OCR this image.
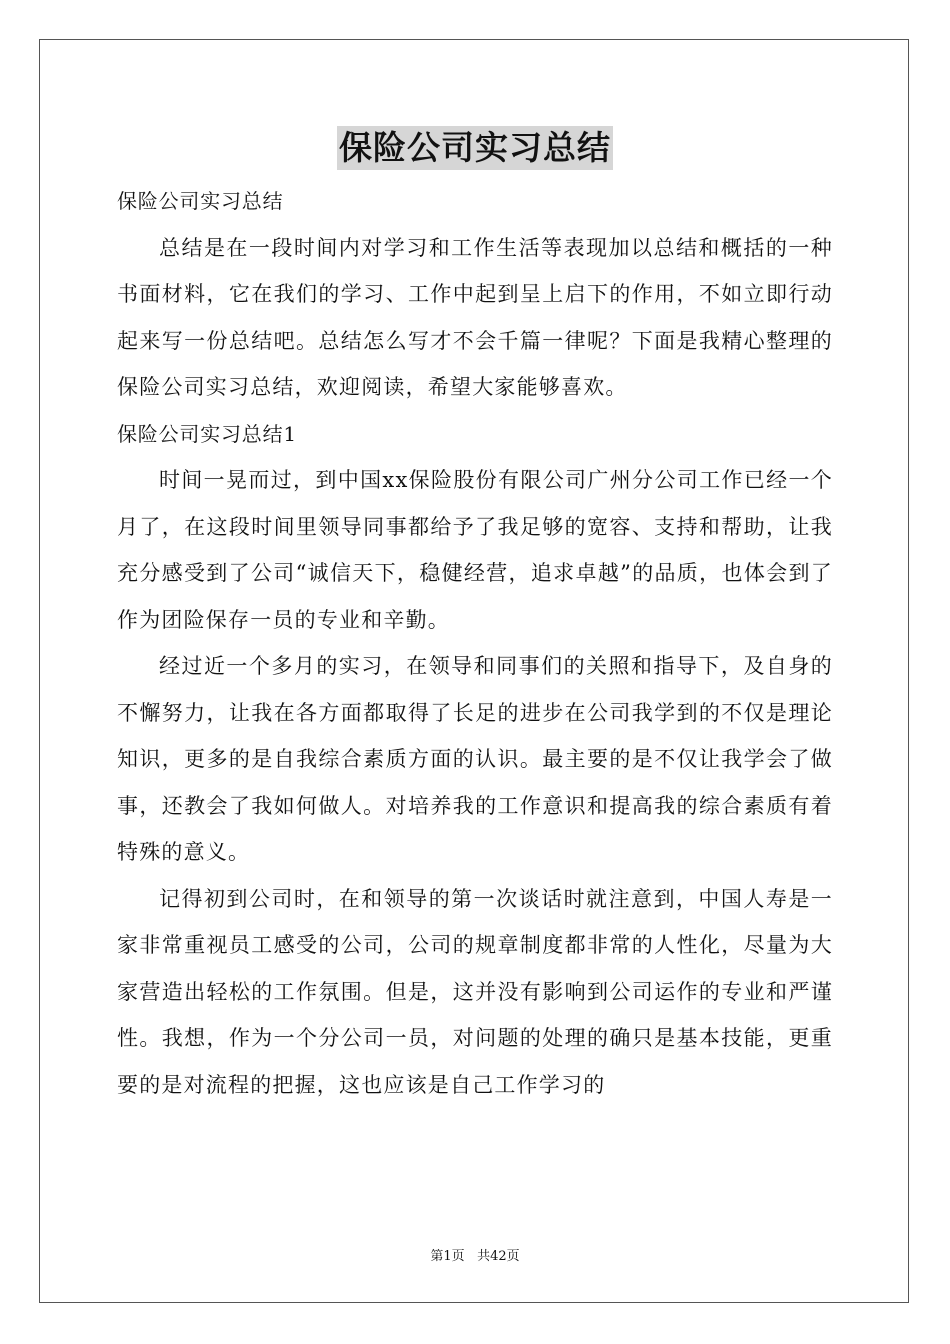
保险公司实习总结

保险公司实习总结

总结是在一段时间内对学习和工作生活等表现加以总结和概括的一种书面材料，它在我们的学习、工作中起到呈上启下的作用，不如立即行动起来写一份总结吧。总结怎么写才不会千篇一律呢？下面是我精心整理的保险公司实习总结，欢迎阅读，希望大家能够喜欢。

保险公司实习总结1

时间一晃而过，到中国xx保险股份有限公司广州分公司工作已经一个月了，在这段时间里领导同事都给予了我足够的宽容、支持和帮助，让我充分感受到了公司“诚信天下，稳健经营，追求卓越”的品质，也体会到了作为团险保存一员的专业和辛勤。

经过近一个多月的实习，在领导和同事们的关照和指导下，及自身的不懈努力，让我在各方面都取得了长足的进步在公司我学到的不仅是理论知识，更多的是自我综合素质方面的认识。最主要的是不仅让我学会了做事，还教会了我如何做人。对培养我的工作意识和提高我的综合素质有着特殊的意义。

记得初到公司时，在和领导的第一次谈话时就注意到，中国人寿是一家非常重视员工感受的公司，公司的规章制度都非常的人性化，尽量为大家营造出轻松的工作氛围。但是，这并没有影响到公司运作的专业和严谨性。我想，作为一个分公司一员，对问题的处理的确只是基本技能，更重要的是对流程的把握，这也应该是自己工作学习的

第1页 共42页
